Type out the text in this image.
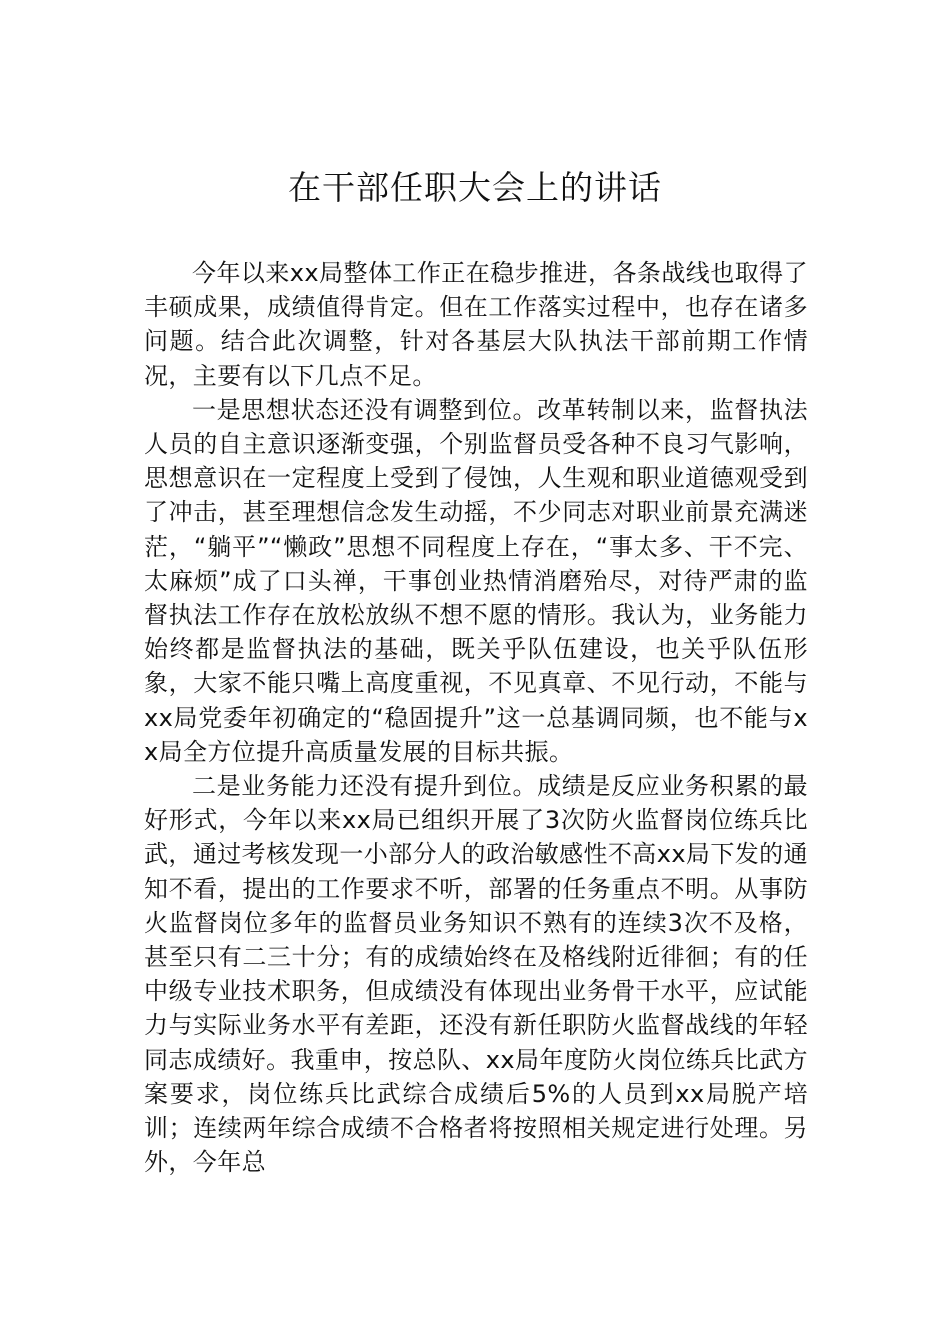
在干部任职大会上的讲话

今年以来xx局整体工作正在稳步推进，各条战线也取得了丰硕成果，成绩值得肯定。但在工作落实过程中，也存在诸多问题。结合此次调整，针对各基层大队执法干部前期工作情况，主要有以下几点不足。

一是思想状态还没有调整到位。改革转制以来，监督执法人员的自主意识逐渐变强，个别监督员受各种不良习气影响，思想意识在一定程度上受到了侵蚀，人生观和职业道德观受到了冲击，甚至理想信念发生动摇，不少同志对职业前景充满迷茫，“躺平”“懒政”思想不同程度上存在，“事太多、干不完、太麻烦”成了口头禅，干事创业热情消磨殆尽，对待严肃的监督执法工作存在放松放纵不想不愿的情形。我认为，业务能力始终都是监督执法的基础，既关乎队伍建设，也关乎队伍形象，大家不能只嘴上高度重视，不见真章、不见行动，不能与xx局党委年初确定的“稳固提升”这一总基调同频，也不能与xx局全方位提升高质量发展的目标共振。

二是业务能力还没有提升到位。成绩是反应业务积累的最好形式，今年以来xx局已组织开展了3次防火监督岗位练兵比武，通过考核发现一小部分人的政治敏感性不高xx局下发的通知不看，提出的工作要求不听，部署的任务重点不明。从事防火监督岗位多年的监督员业务知识不熟有的连续3次不及格，甚至只有二三十分；有的成绩始终在及格线附近徘徊；有的任中级专业技术职务，但成绩没有体现出业务骨干水平，应试能力与实际业务水平有差距，还没有新任职防火监督战线的年轻同志成绩好。我重申，按总队、xx局年度防火岗位练兵比武方案要求，岗位练兵比武综合成绩后5%的人员到xx局脱产培训；连续两年综合成绩不合格者将按照相关规定进行处理。另外，今年总
